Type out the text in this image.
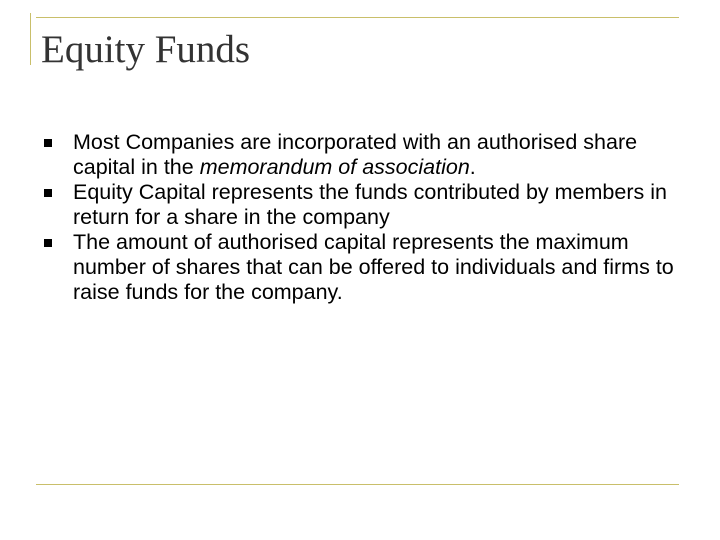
Equity Funds
Most Companies are incorporated with an authorised share capital in the memorandum of association.
Equity Capital represents the funds contributed by members in return for a share in the company
The amount of authorised capital represents the maximum number of shares that can be offered to individuals and firms to raise funds for the company.
